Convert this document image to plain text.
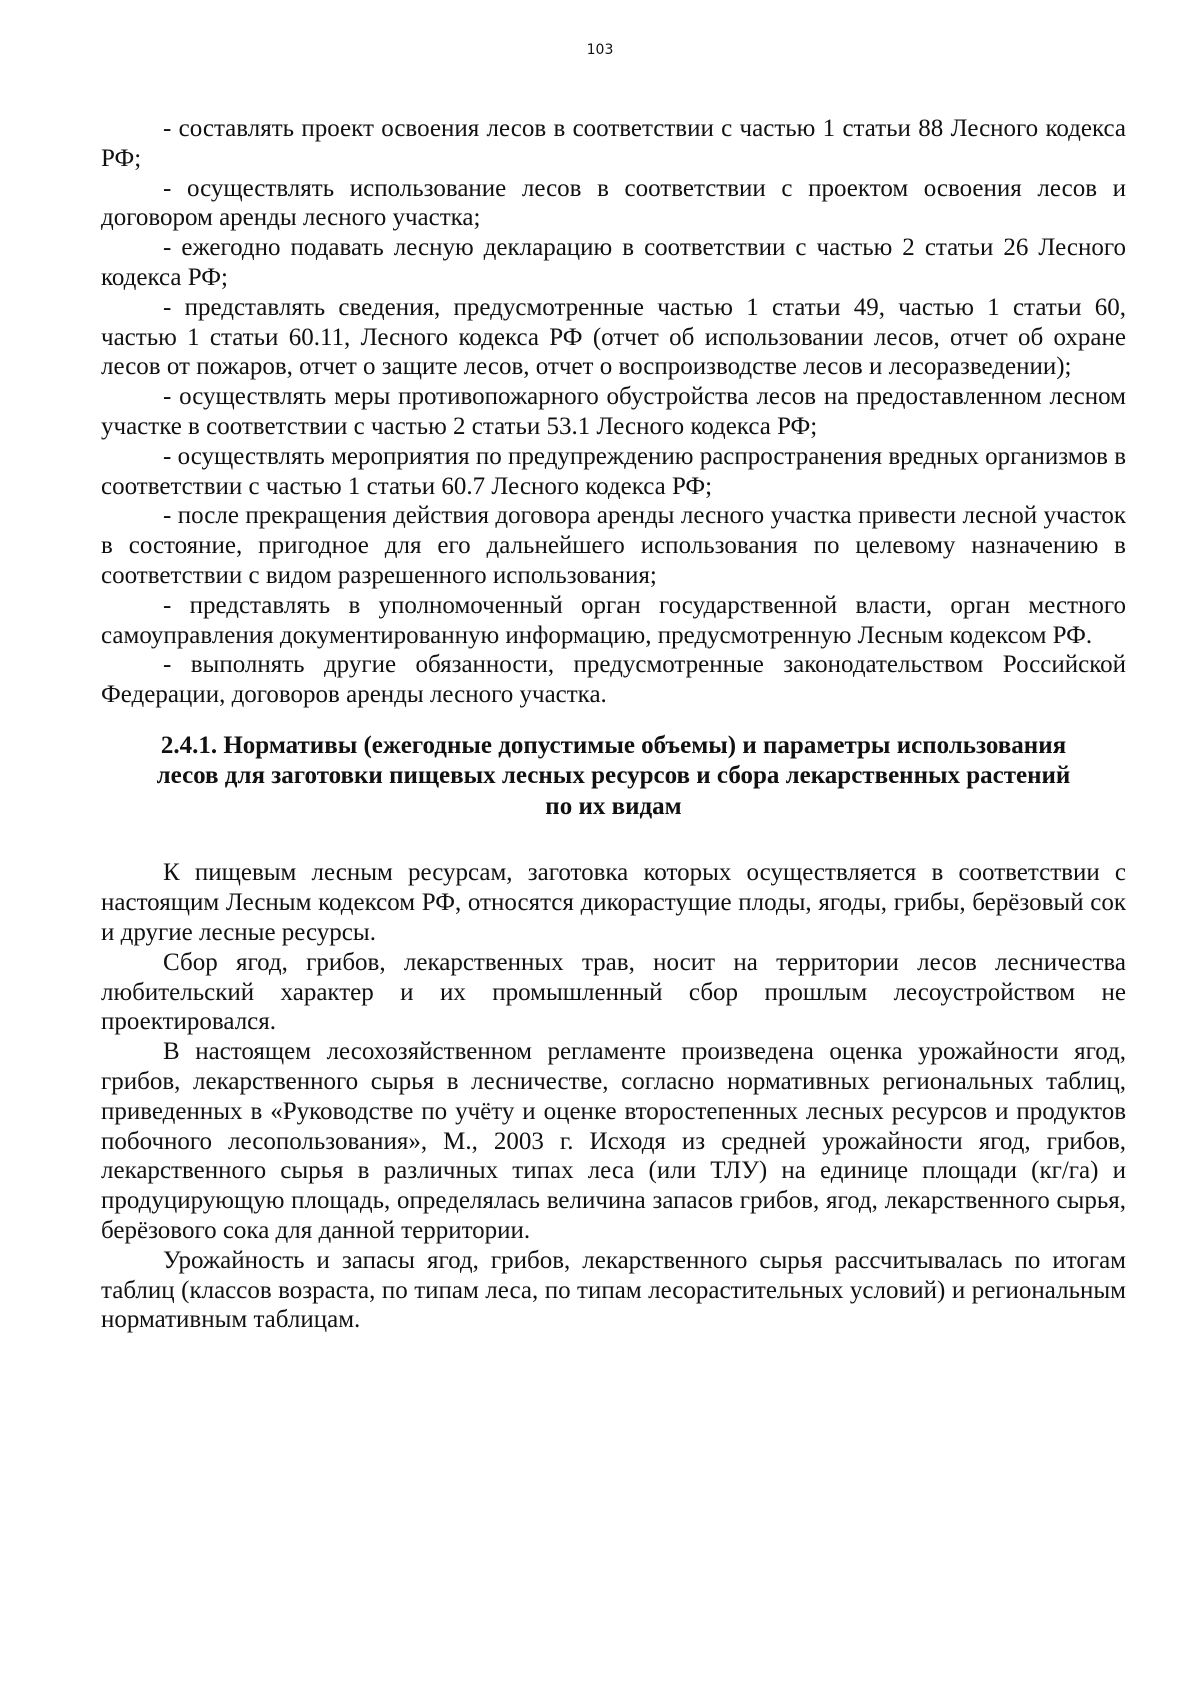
103

- составлять проект освоения лесов в соответствии с частью 1 статьи 88 Лесного кодекса РФ;

- осуществлять использование лесов в соответствии с проектом освоения лесов и договором аренды лесного участка;

- ежегодно подавать лесную декларацию в соответствии с частью 2 статьи 26 Лесного кодекса РФ;

- представлять сведения, предусмотренные частью 1 статьи 49, частью 1 статьи 60, частью 1 статьи 60.11, Лесного кодекса РФ (отчет об использовании лесов, отчет об охране лесов от пожаров, отчет о защите лесов, отчет о воспроизводстве лесов и лесоразведении);

- осуществлять меры противопожарного обустройства лесов на предоставленном лесном участке в соответствии с частью 2 статьи 53.1 Лесного кодекса РФ;

- осуществлять мероприятия по предупреждению распространения вредных организмов в соответствии с частью 1 статьи 60.7 Лесного кодекса РФ;

- после прекращения действия договора аренды лесного участка привести лесной участок в состояние, пригодное для его дальнейшего использования по целевому назначению в соответствии с видом разрешенного использования;

- представлять в уполномоченный орган государственной власти, орган местного самоуправления документированную информацию, предусмотренную Лесным кодексом РФ.

- выполнять другие обязанности, предусмотренные законодательством Российской Федерации, договоров аренды лесного участка.

2.4.1. Нормативы (ежегодные допустимые объемы) и параметры использования лесов для заготовки пищевых лесных ресурсов и сбора лекарственных растений по их видам

К пищевым лесным ресурсам, заготовка которых осуществляется в соответствии с настоящим Лесным кодексом РФ, относятся дикорастущие плоды, ягоды, грибы, берёзовый сок и другие лесные ресурсы.

Сбор ягод, грибов, лекарственных трав, носит на территории лесов лесничества любительский характер и их промышленный сбор прошлым лесоустройством не проектировался.

В настоящем лесохозяйственном регламенте произведена оценка урожайности ягод, грибов, лекарственного сырья в лесничестве, согласно нормативных региональных таблиц, приведенных в «Руководстве по учёту и оценке второстепенных лесных ресурсов и продуктов побочного лесопользования», М., 2003 г. Исходя из средней урожайности ягод, грибов, лекарственного сырья в различных типах леса (или ТЛУ) на единице площади (кг/га) и продуцирующую площадь, определялась величина запасов грибов, ягод, лекарственного сырья, берёзового сока для данной территории.

Урожайность и запасы ягод, грибов, лекарственного сырья рассчитывалась по итогам таблиц (классов возраста, по типам леса, по типам лесорастительных условий) и региональным нормативным таблицам.
